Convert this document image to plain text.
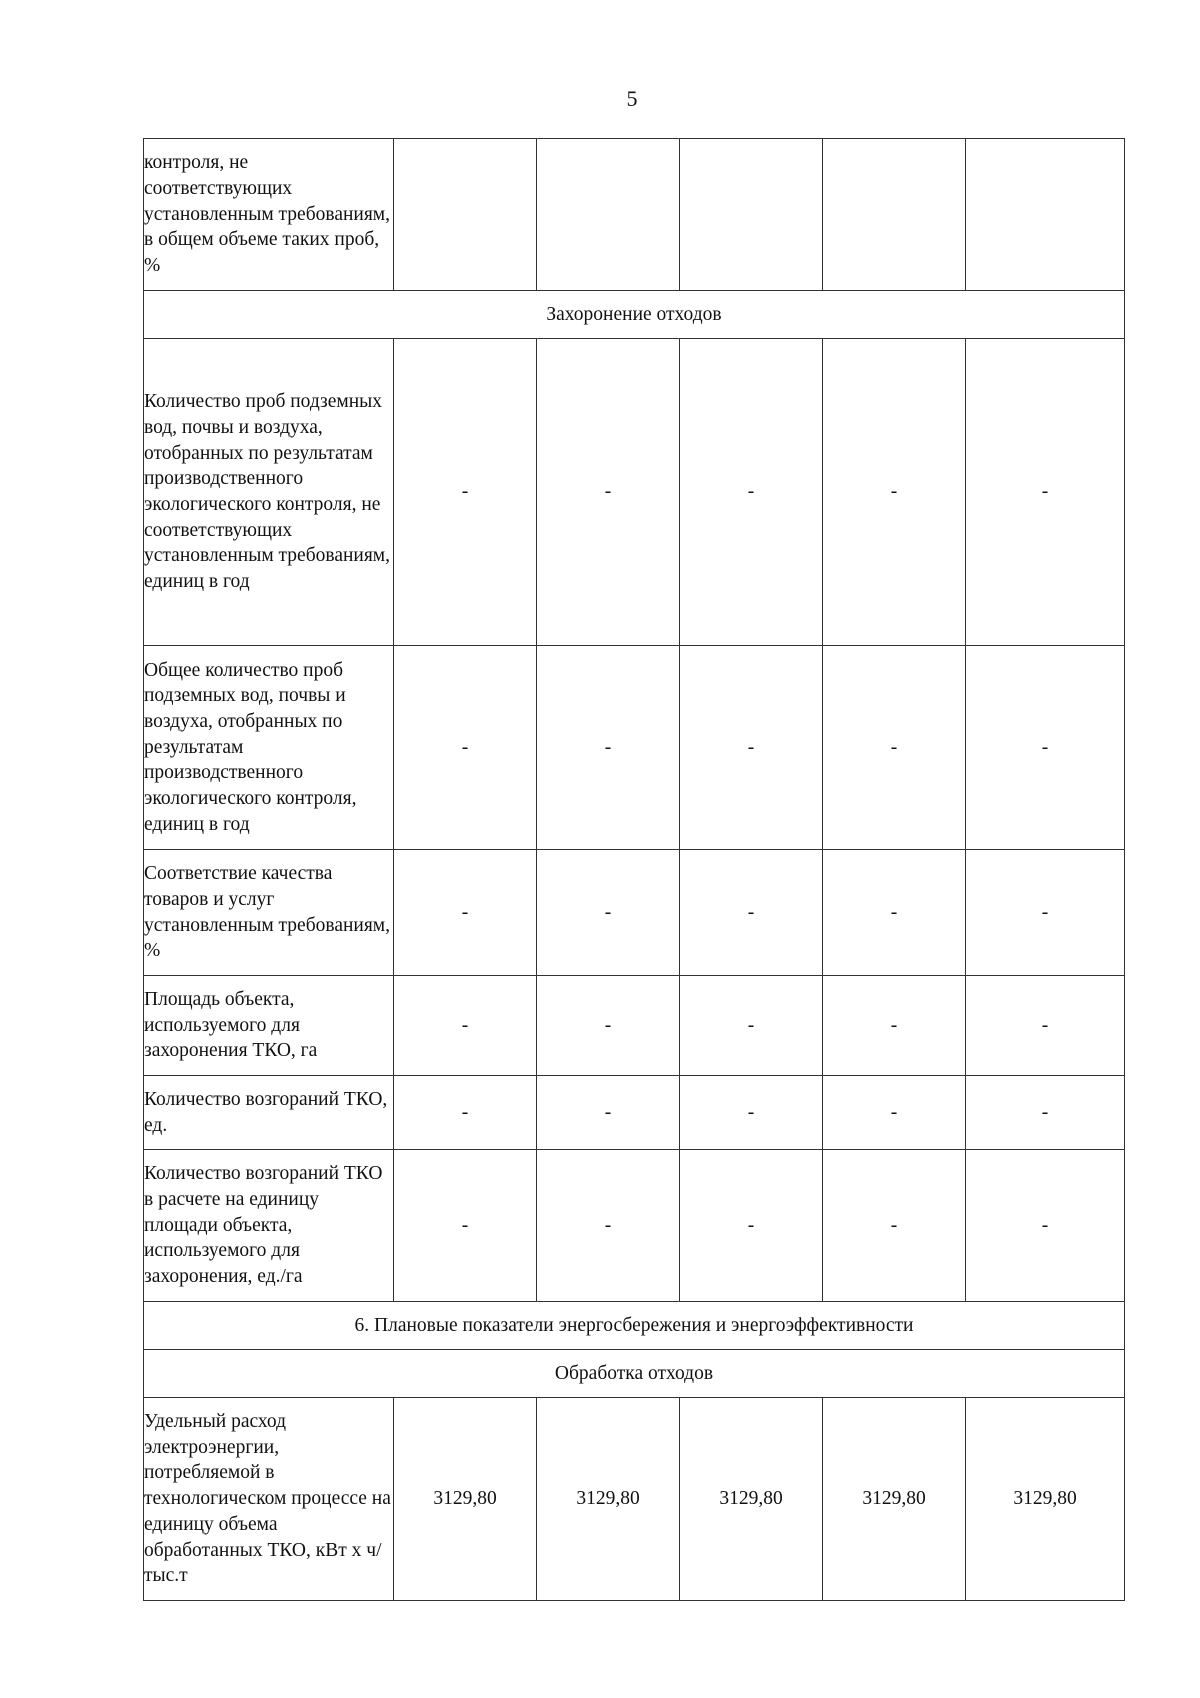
5
контроля, не соответствующих установленным требованиям, в общем объеме таких проб, %					
Захоронение отходов					
Количество проб подземных вод, почвы и воздуха, отобранных по результатам производственного экологического контроля, не соответствующих установленным требованиям, единиц в год	-	-	-	-	-
Общее количество проб подземных вод, почвы и воздуха, отобранных по результатам производственного экологического контроля, единиц в год	-	-	-	-	-
Соответствие качества товаров и услуг установленным требованиям, %	-	-	-	-	-
Площадь объекта, используемого для захоронения ТКО, га	-	-	-	-	-
Количество возгораний ТКО, ед.	-	-	-	-	-
Количество возгораний ТКО в расчете на единицу площади объекта, используемого для захоронения, ед./га	-	-	-	-	-
6. Плановые показатели энергосбережения и энергоэффективности					
Обработка отходов					
Удельный расход электроэнергии, потребляемой в технологическом процессе на единицу объема обработанных ТКО, кВт х ч/тыс.т	3129,80	3129,80	3129,80	3129,80	3129,80
